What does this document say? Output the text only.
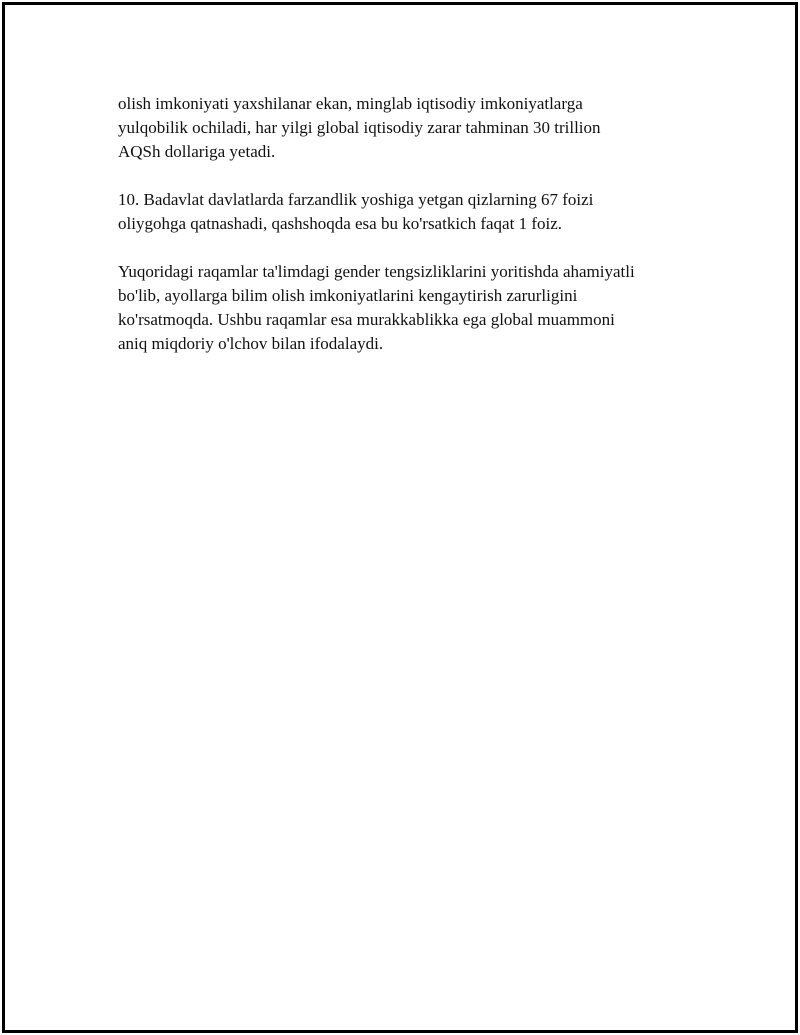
olish imkoniyati yaxshilanar ekan, minglab iqtisodiy imkoniyatlarga
yulqobilik ochiladi, har yilgi global iqtisodiy zarar tahminan 30 trillion
AQSh dollariga yetadi.

10. Badavlat davlatlarda farzandlik yoshiga yetgan qizlarning 67 foizi
oliygohga qatnashadi, qashshoqda esa bu ko'rsatkich faqat 1 foiz.

Yuqoridagi raqamlar ta'limdagi gender tengsizliklarini yoritishda ahamiyatli
bo'lib, ayollarga bilim olish imkoniyatlarini kengaytirish zarurligini
ko'rsatmoqda. Ushbu raqamlar esa murakkablikka ega global muammoni
aniq miqdoriy o'lchov bilan ifodalaydi.
